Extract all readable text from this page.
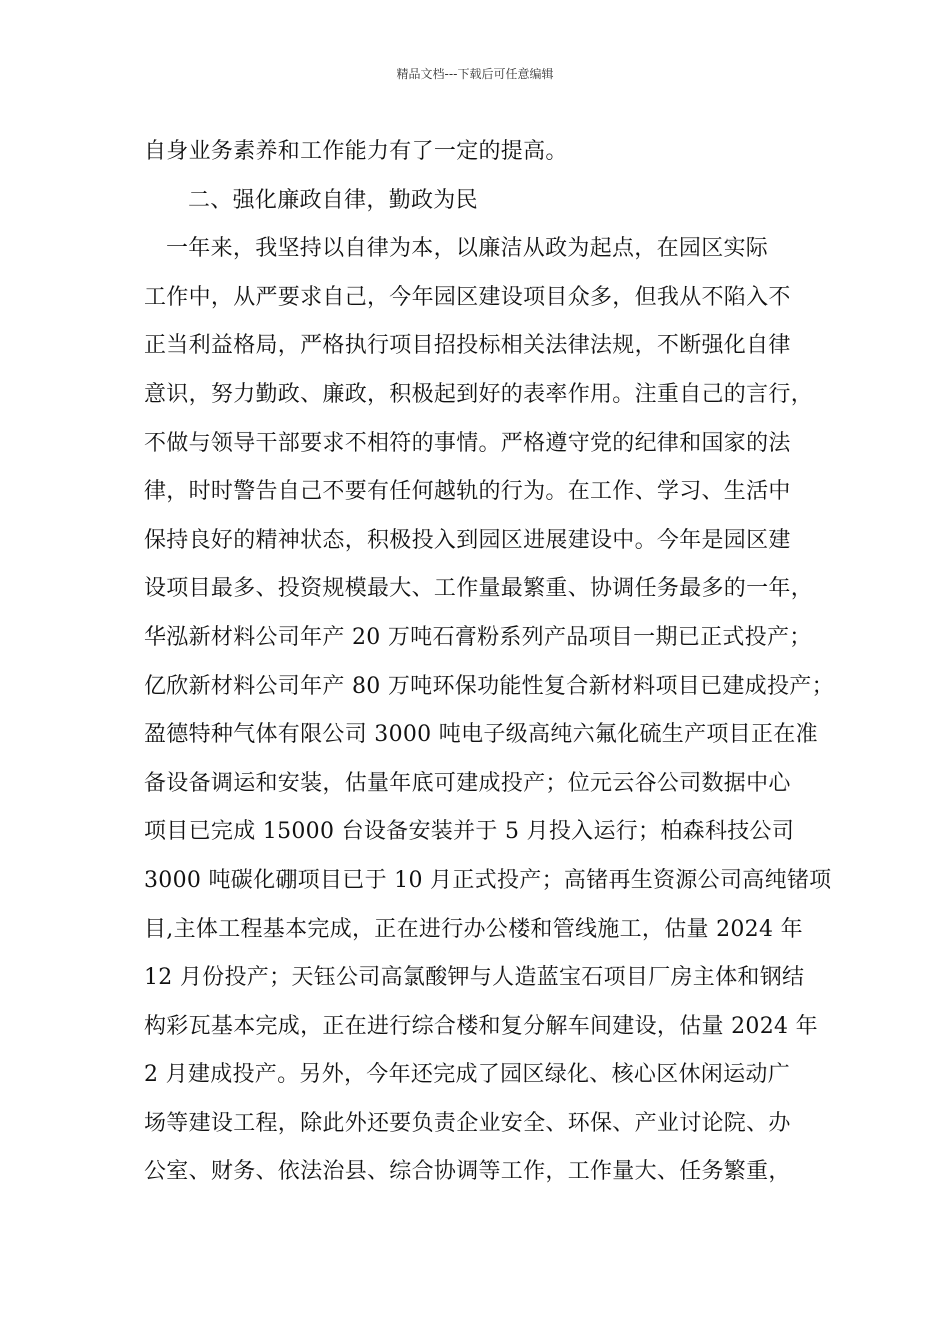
精品文档---下载后可任意编辑
自身业务素养和工作能力有了一定的提高。
二、强化廉政自律，勤政为民
一年来，我坚持以自律为本，以廉洁从政为起点，在园区实际
工作中，从严要求自己，今年园区建设项目众多，但我从不陷入不
正当利益格局，严格执行项目招投标相关法律法规，不断强化自律
意识，努力勤政、廉政，积极起到好的表率作用。注重自己的言行，
不做与领导干部要求不相符的事情。严格遵守党的纪律和国家的法
律，时时警告自己不要有任何越轨的行为。在工作、学习、生活中
保持良好的精神状态，积极投入到园区进展建设中。今年是园区建
设项目最多、投资规模最大、工作量最繁重、协调任务最多的一年，
华泓新材料公司年产 20 万吨石膏粉系列产品项目一期已正式投产；
亿欣新材料公司年产 80 万吨环保功能性复合新材料项目已建成投产；
盈德特种气体有限公司 3000 吨电子级高纯六氟化硫生产项目正在准
备设备调运和安装，估量年底可建成投产；位元云谷公司数据中心
项目已完成 15000 台设备安装并于 5 月投入运行；柏森科技公司
3000 吨碳化硼项目已于 10 月正式投产；高锗再生资源公司高纯锗项
目,主体工程基本完成，正在进行办公楼和管线施工，估量 2024 年
12 月份投产；天钰公司高氯酸钾与人造蓝宝石项目厂房主体和钢结
构彩瓦基本完成，正在进行综合楼和复分解车间建设，估量 2024 年
2 月建成投产。另外，今年还完成了园区绿化、核心区休闲运动广
场等建设工程，除此外还要负责企业安全、环保、产业讨论院、办
公室、财务、依法治县、综合协调等工作，工作量大、任务繁重，
